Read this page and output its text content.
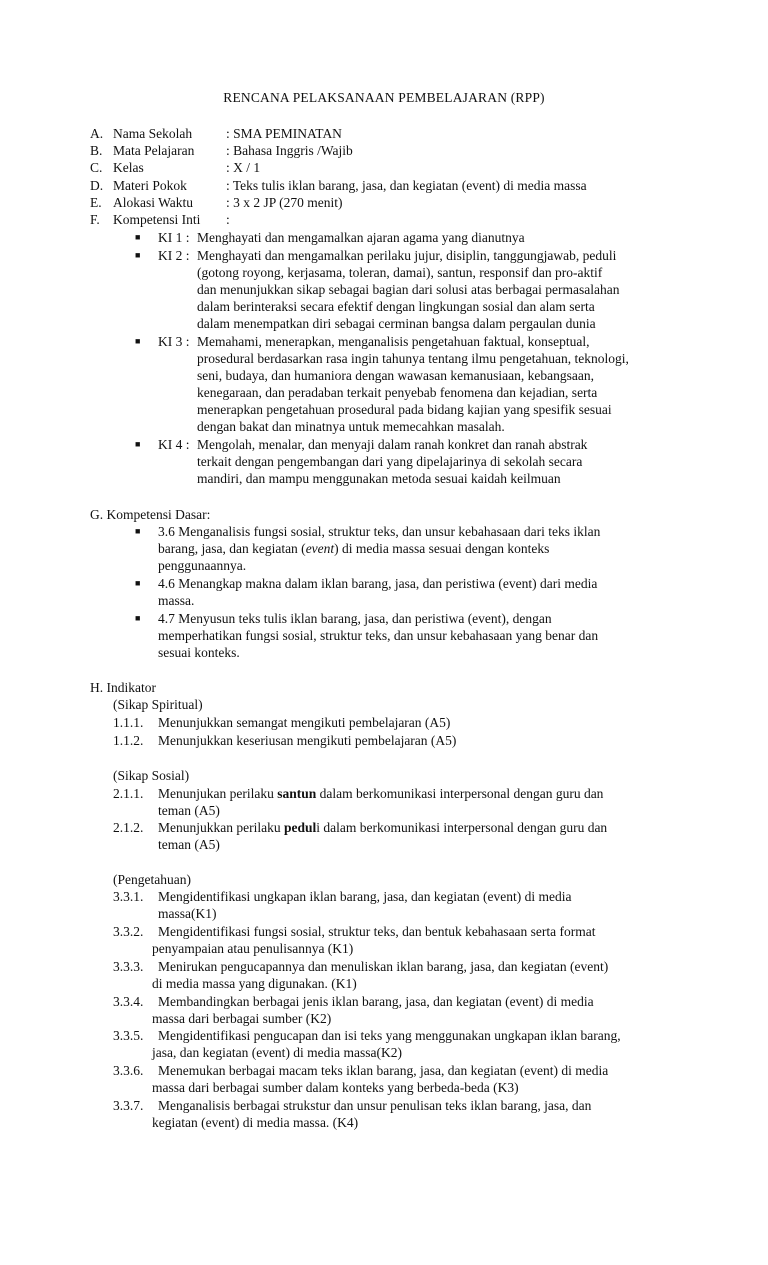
RENCANA PELAKSANAAN PEMBELAJARAN (RPP)
A. Nama Sekolah	: SMA PEMINATAN
B. Mata Pelajaran : Bahasa Inggris /Wajib
C. Kelas	: X / 1
D. Materi Pokok	: Teks tulis iklan barang, jasa, dan kegiatan (event) di media massa
E. Alokasi Waktu : 3 x 2 JP (270 menit)
F. Kompetensi Inti :
■ KI 1 : Menghayati dan mengamalkan ajaran agama yang dianutnya
■ KI 2 : Menghayati dan mengamalkan perilaku jujur, disiplin, tanggungjawab, peduli
(gotong royong, kerjasama, toleran, damai), santun, responsif dan pro-aktif
dan menunjukkan sikap sebagai bagian dari solusi atas berbagai permasalahan
dalam berinteraksi secara efektif dengan lingkungan sosial dan alam serta
dalam menempatkan diri sebagai cerminan bangsa dalam pergaulan dunia
■ KI 3 : Memahami, menerapkan, menganalisis pengetahuan faktual, konseptual,
prosedural berdasarkan rasa ingin tahunya tentang ilmu pengetahuan, teknologi,
seni, budaya, dan humaniora dengan wawasan kemanusiaan, kebangsaan,
kenegaraan, dan peradaban terkait penyebab fenomena dan kejadian, serta
menerapkan pengetahuan prosedural pada bidang kajian yang spesifik sesuai
dengan bakat dan minatnya untuk memecahkan masalah.
■ KI 4 : Mengolah, menalar, dan menyaji dalam ranah konkret dan ranah abstrak
terkait dengan pengembangan dari yang dipelajarinya di sekolah secara
mandiri, dan mampu menggunakan metoda sesuai kaidah keilmuan
G. Kompetensi Dasar:
■ 3.6 Menganalisis fungsi sosial, struktur teks, dan unsur kebahasaan dari teks iklan
barang, jasa, dan kegiatan (event) di media massa sesuai dengan konteks
penggunaannya.
■ 4.6 Menangkap makna dalam iklan barang, jasa, dan peristiwa (event) dari media
massa.
■ 4.7 Menyusun teks tulis iklan barang, jasa, dan peristiwa (event), dengan
memperhatikan fungsi sosial, struktur teks, dan unsur kebahasaan yang benar dan
sesuai konteks.
H. Indikator
(Sikap Spiritual)
1.1.1. Menunjukkan semangat mengikuti pembelajaran (A5)
1.1.2. Menunjukkan keseriusan mengikuti pembelajaran (A5)
(Sikap Sosial)
2.1.1. Menunjukan perilaku santun dalam berkomunikasi interpersonal dengan guru dan
teman (A5)
2.1.2. Menunjukkan perilaku peduli dalam berkomunikasi interpersonal dengan guru dan
teman (A5)
(Pengetahuan)
3.3.1. Mengidentifikasi ungkapan iklan barang, jasa, dan kegiatan (event) di media
massa(K1)
3.3.2. Mengidentifikasi fungsi sosial, struktur teks, dan bentuk kebahasaan serta format
penyampaian atau penulisannya (K1)
3.3.3. Menirukan pengucapannya dan menuliskan iklan barang, jasa, dan kegiatan (event)
di media massa yang digunakan. (K1)
3.3.4. Membandingkan berbagai jenis iklan barang, jasa, dan kegiatan (event) di media
massa dari berbagai sumber (K2)
3.3.5. Mengidentifikasi pengucapan dan isi teks yang menggunakan ungkapan iklan barang,
jasa, dan kegiatan (event) di media massa(K2)
3.3.6. Menemukan berbagai macam teks iklan barang, jasa, dan kegiatan (event) di media
massa dari berbagai sumber dalam konteks yang berbeda-beda (K3)
3.3.7. Menganalisis berbagai strukstur dan unsur penulisan teks iklan barang, jasa, dan
kegiatan (event) di media massa. (K4)
